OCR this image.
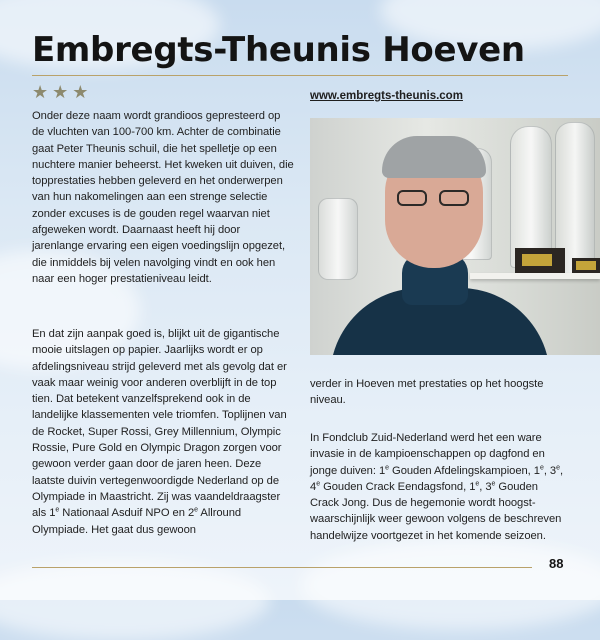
Embregts-Theunis Hoeven
★ ★ ★	www.embregts-theunis.com

Onder deze naam wordt grandioos gepresteerd op de vluchten van 100-700 km. Achter de combinatie gaat Peter Theunis schuil, die het spelletje op een nuchtere manier beheerst. Het kweken uit duiven, die topprestaties hebben geleverd en het onderwerpen van hun nakomelingen aan een strenge selectie zonder excuses is de gouden regel waarvan niet afgeweken wordt. Daarnaast heeft hij door jarenlange ervaring een eigen voedingslijn opgezet, die inmiddels bij velen navolging vindt en ook hen naar een hoger prestatieniveau leidt.

En dat zijn aanpak goed is, blijkt uit de gigantische mooie uitslagen op papier. Jaarlijks wordt er op afdelingsniveau strijd geleverd met als gevolg dat er vaak maar weinig voor anderen overblijft in de top tien. Dat betekent vanzelfsprekend ook in de landelijke klassementen vele triomfen. Toplijnen van de Rocket, Super Rossi, Grey Millennium, Olympic Rossie, Pure Gold en Olympic Dragon zorgen voor gewoon verder gaan door de jaren heen. Deze laatste duivin vertegenwoordigde Nederland op de Olympiade in Maastricht. Zij was vaandeldraagster als 1e Nationaal Asduif NPO en 2e Allround Olympiade. Het gaat dus gewoon

verder in Hoeven met prestaties op het hoogste niveau.

In Fondclub Zuid-Nederland werd het een ware invasie in de kampioenschappen op dagfond en jonge duiven: 1e Gouden Afdelingskampioen, 1e, 3e, 4e Gouden Crack Eendagsfond, 1e, 3e Gouden Crack Jong. Dus de hegemonie wordt hoogstwaarschijnlijk weer gewoon volgens de beschreven handelwijze voortgezet in het komende seizoen.

88
